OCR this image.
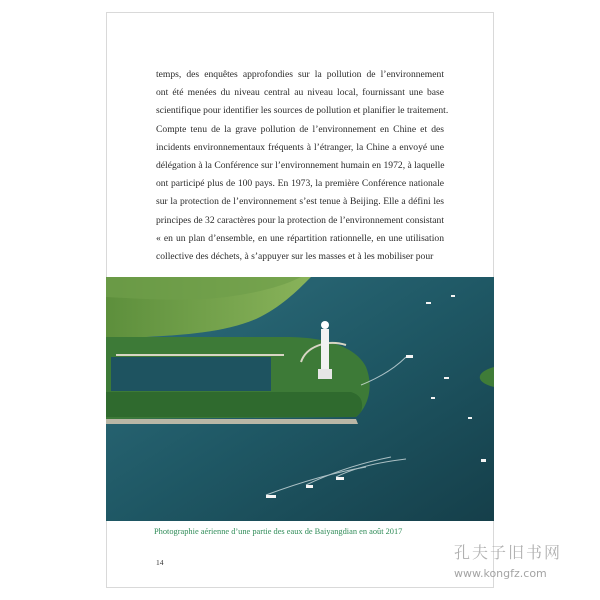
temps, des enquêtes approfondies sur la pollution de l’environnement
ont été menées du niveau central au niveau local, fournissant une base
scientifique pour identifier les sources de pollution et planifier le traitement.
Compte tenu de la grave pollution de l’environnement en Chine et des
incidents environnementaux fréquents à l’étranger, la Chine a envoyé une
délégation à la Conférence sur l’environnement humain en 1972, à laquelle
ont participé plus de 100 pays. En 1973, la première Conférence nationale
sur la protection de l’environnement s’est tenue à Beijing. Elle a défini les
principes de 32 caractères pour la protection de l’environnement consistant
« en un plan d’ensemble, en une répartition rationnelle, en une utilisation
collective des déchets, à s’appuyer sur les masses et à les mobiliser pour
Photographie aérienne d’une partie des eaux de Baiyangdian en août 2017
14
孔夫子旧书网
www.kongfz.com
